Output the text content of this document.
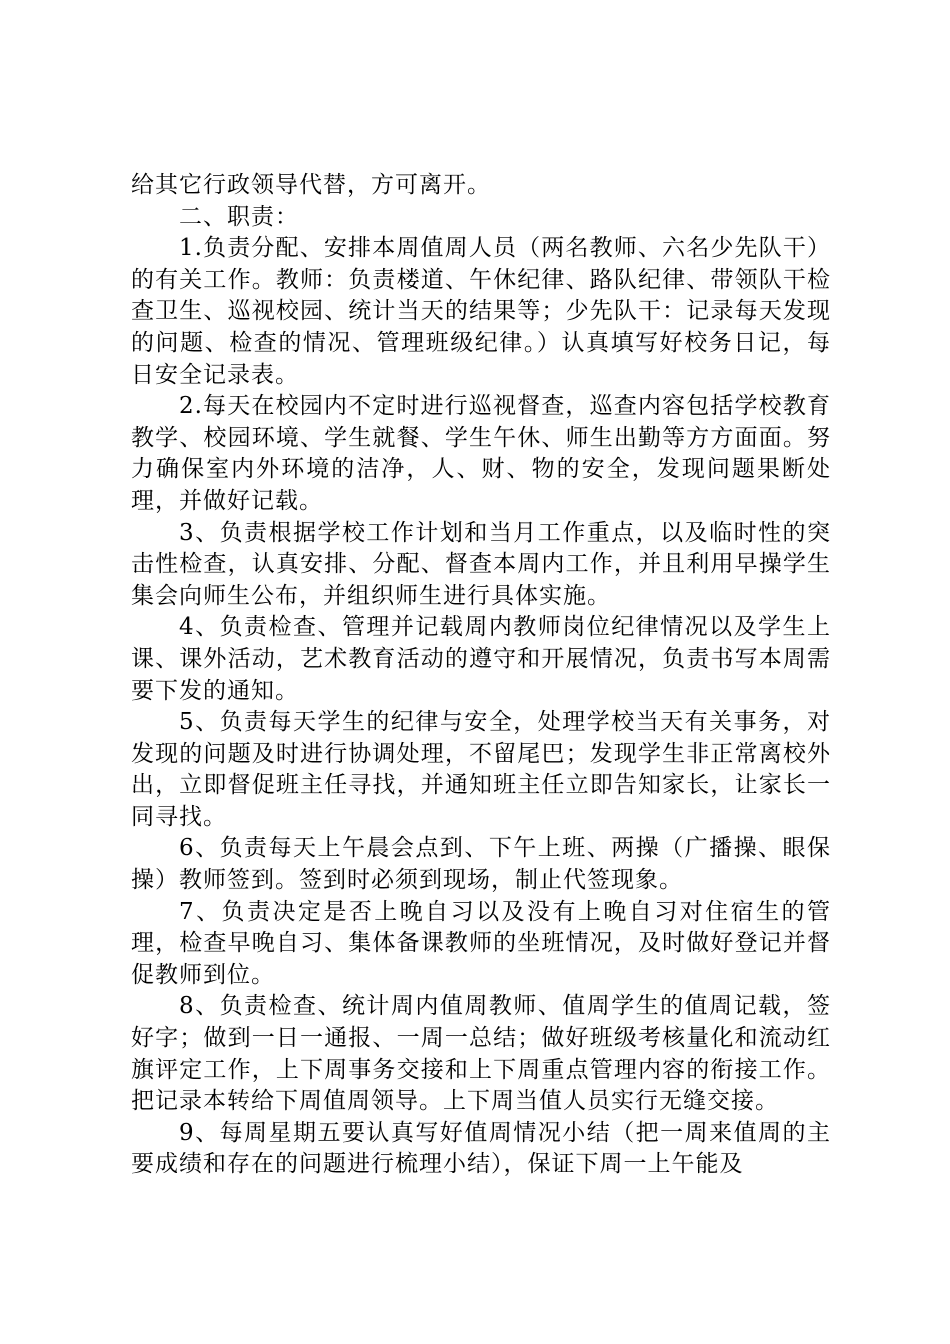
给其它行政领导代替，方可离开。

二、职责：

1.负责分配、安排本周值周人员（两名教师、六名少先队干）的有关工作。教师：负责楼道、午休纪律、路队纪律、带领队干检查卫生、巡视校园、统计当天的结果等；少先队干：记录每天发现的问题、检查的情况、管理班级纪律。）认真填写好校务日记，每日安全记录表。

2.每天在校园内不定时进行巡视督查，巡查内容包括学校教育教学、校园环境、学生就餐、学生午休、师生出勤等方方面面。努力确保室内外环境的洁净，人、财、物的安全，发现问题果断处理，并做好记载。

3、负责根据学校工作计划和当月工作重点，以及临时性的突击性检查，认真安排、分配、督查本周内工作，并且利用早操学生集会向师生公布，并组织师生进行具体实施。

4、负责检查、管理并记载周内教师岗位纪律情况以及学生上课、课外活动，艺术教育活动的遵守和开展情况，负责书写本周需要下发的通知。

5、负责每天学生的纪律与安全，处理学校当天有关事务，对发现的问题及时进行协调处理，不留尾巴；发现学生非正常离校外出，立即督促班主任寻找，并通知班主任立即告知家长，让家长一同寻找。

6、负责每天上午晨会点到、下午上班、两操（广播操、眼保操）教师签到。签到时必须到现场，制止代签现象。

7、负责决定是否上晚自习以及没有上晚自习对住宿生的管理，检查早晚自习、集体备课教师的坐班情况，及时做好登记并督促教师到位。

8、负责检查、统计周内值周教师、值周学生的值周记载，签好字；做到一日一通报、一周一总结；做好班级考核量化和流动红旗评定工作，上下周事务交接和上下周重点管理内容的衔接工作。把记录本转给下周值周领导。上下周当值人员实行无缝交接。

9、每周星期五要认真写好值周情况小结（把一周来值周的主要成绩和存在的问题进行梳理小结），保证下周一上午能及
